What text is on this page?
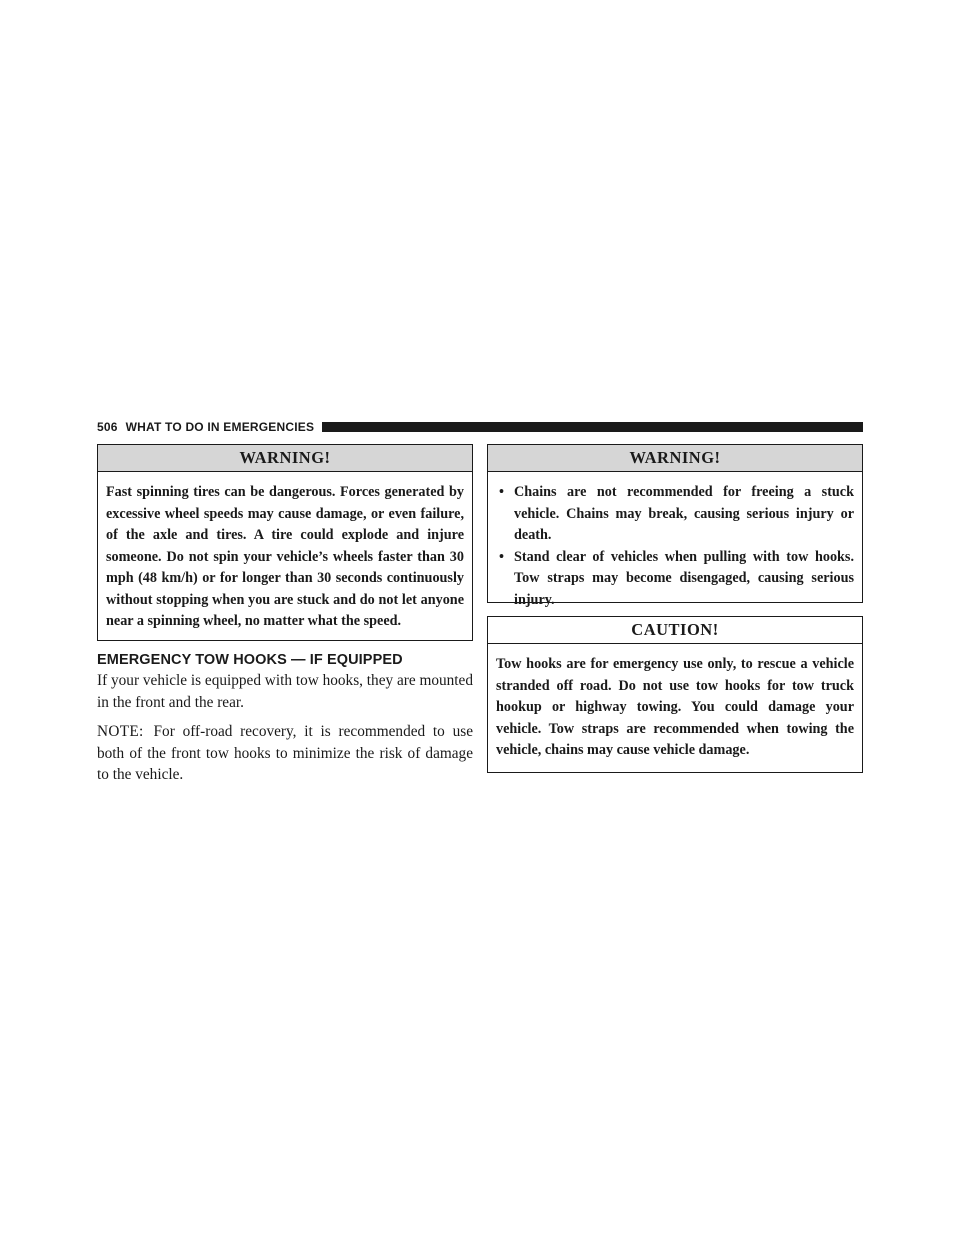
506 WHAT TO DO IN EMERGENCIES
WARNING!
Fast spinning tires can be dangerous. Forces generated by excessive wheel speeds may cause damage, or even failure, of the axle and tires. A tire could explode and injure someone. Do not spin your vehicle’s wheels faster than 30 mph (48 km/h) or for longer than 30 seconds continuously without stopping when you are stuck and do not let anyone near a spinning wheel, no matter what the speed.
EMERGENCY TOW HOOKS — IF EQUIPPED

If your vehicle is equipped with tow hooks, they are mounted in the front and the rear.

NOTE: For off-road recovery, it is recommended to use both of the front tow hooks to minimize the risk of damage to the vehicle.

WARNING!
• Chains are not recommended for freeing a stuck vehicle. Chains may break, causing serious injury or death.
• Stand clear of vehicles when pulling with tow hooks. Tow straps may become disengaged, causing serious injury.
CAUTION!
Tow hooks are for emergency use only, to rescue a vehicle stranded off road. Do not use tow hooks for tow truck hookup or highway towing. You could damage your vehicle. Tow straps are recommended when towing the vehicle, chains may cause vehicle damage.
